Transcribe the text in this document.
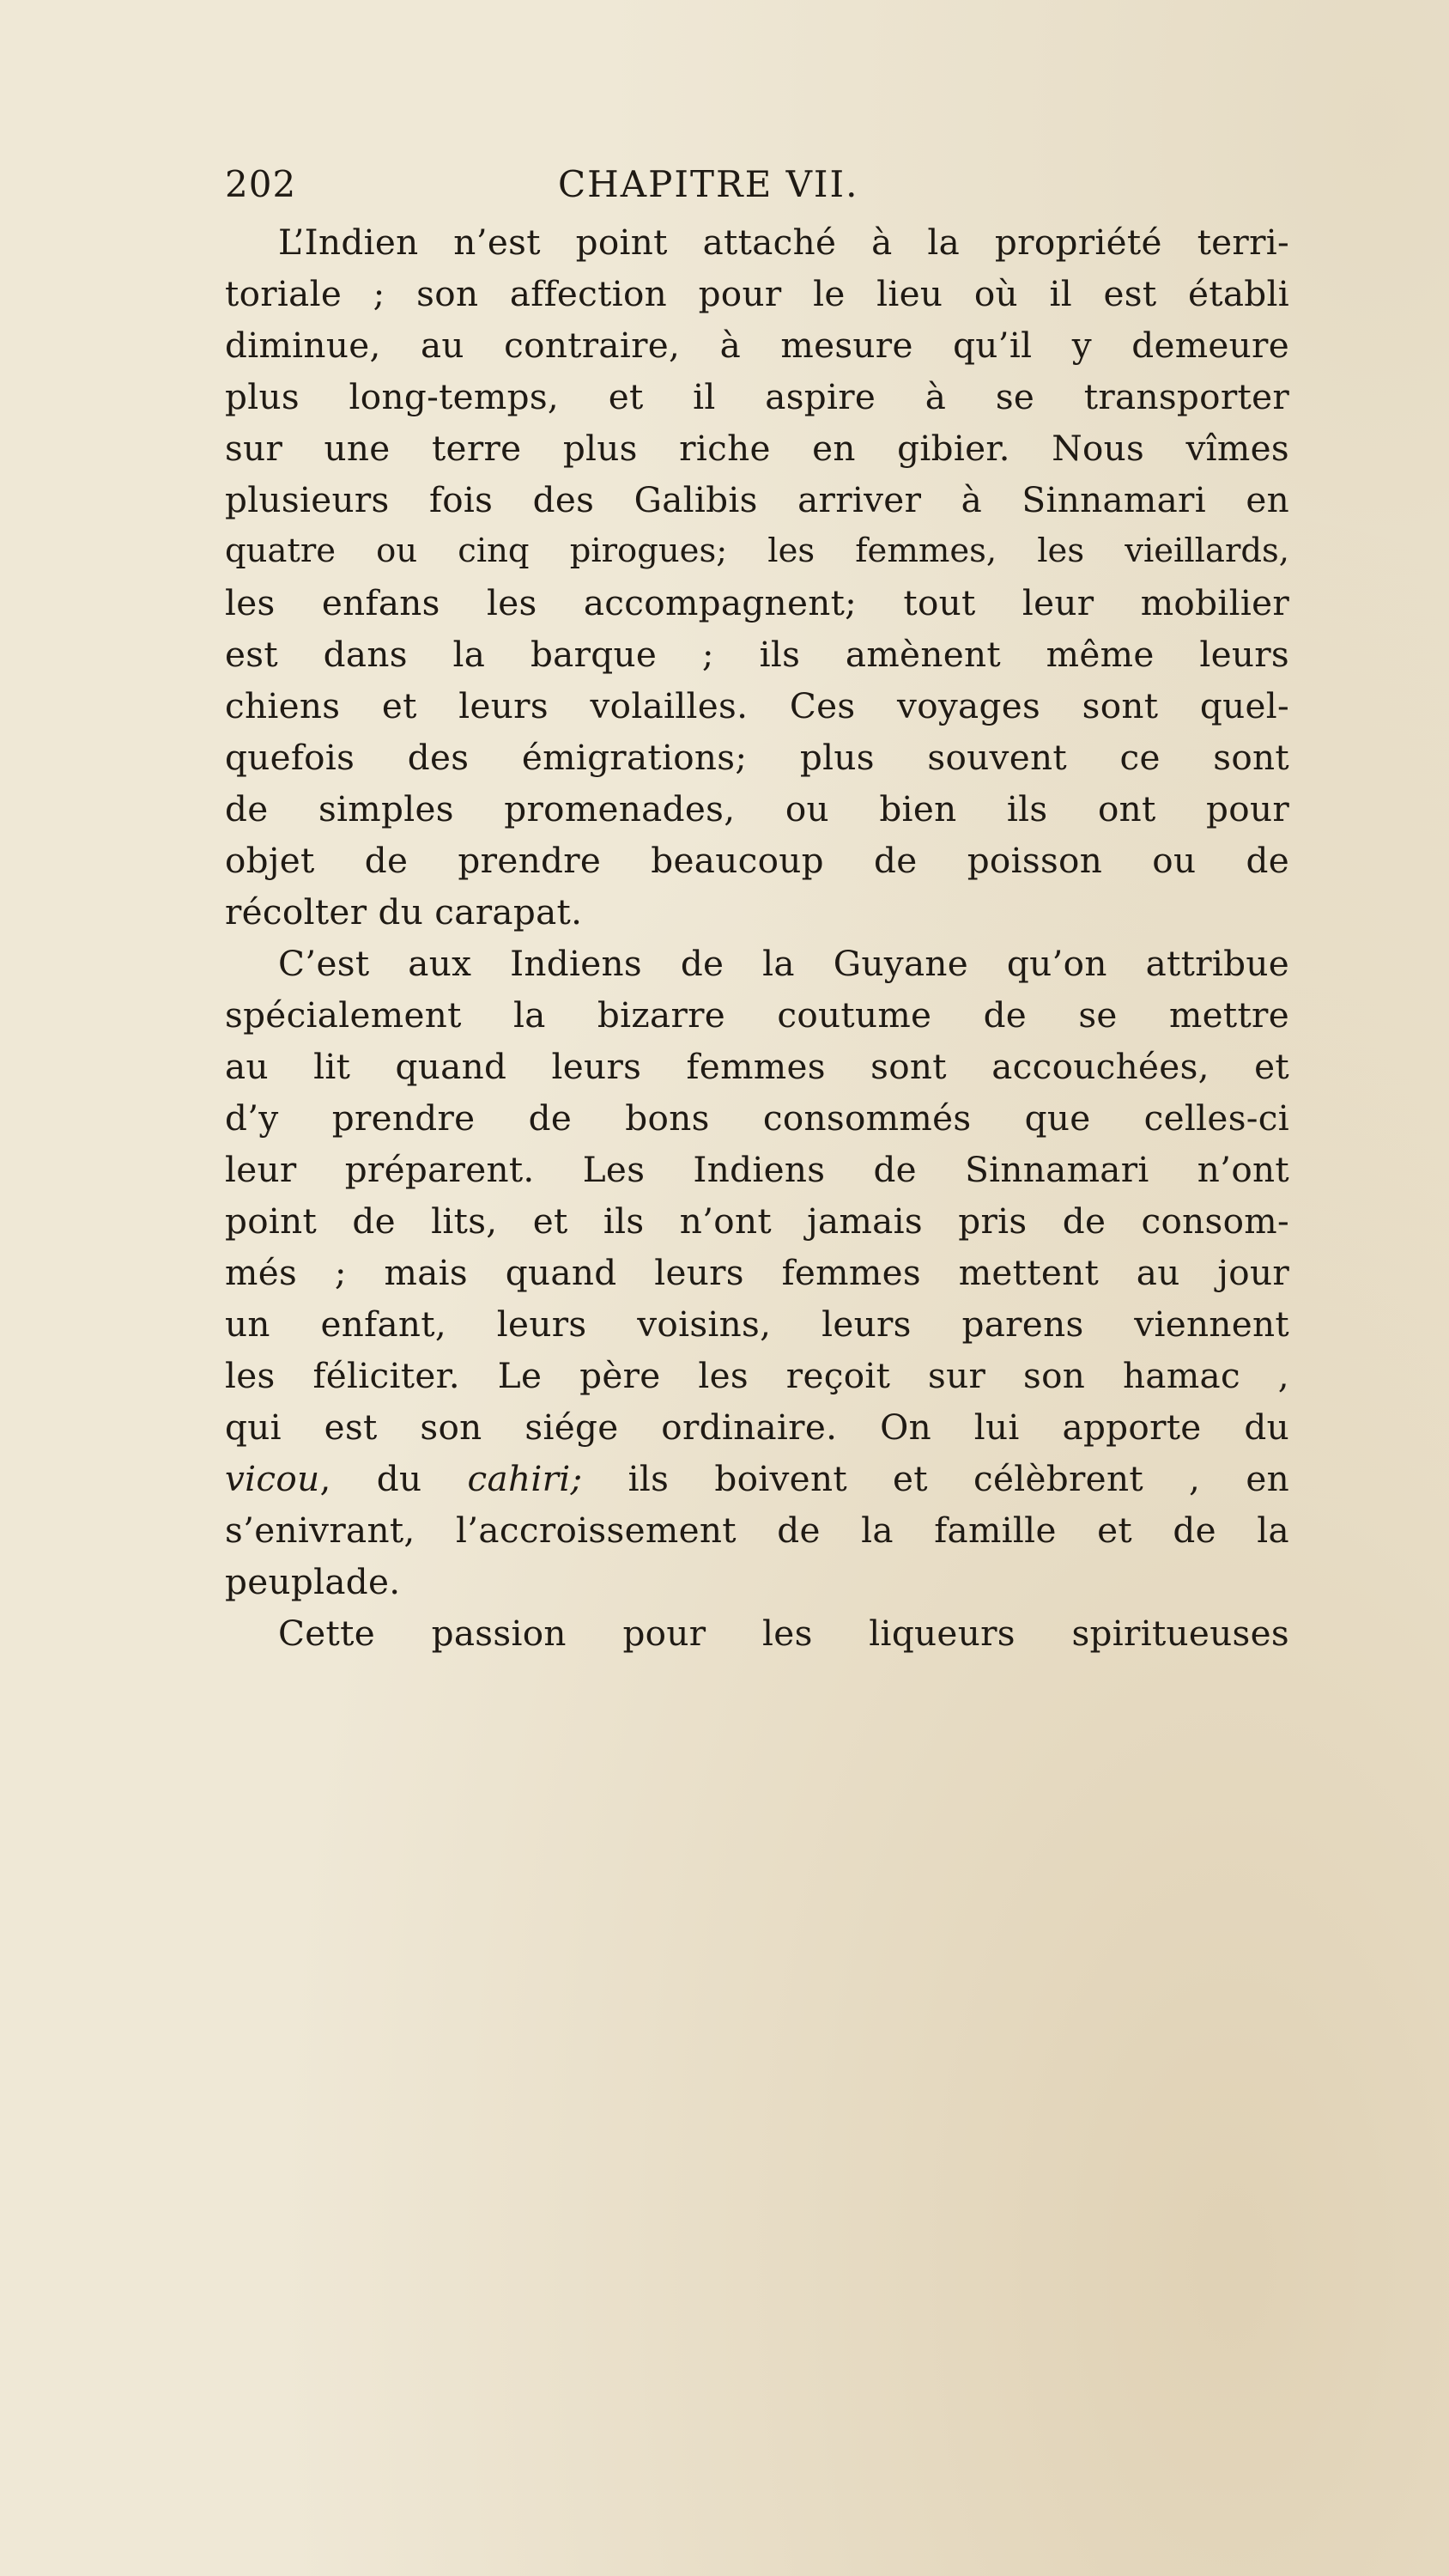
202	CHAPITRE VII.
L’Indien n’est point attaché à la propriété terri-
toriale ; son affection pour le lieu où il est établi
diminue, au contraire, à mesure qu’il y demeure
plus long-temps, et il aspire à se transporter
sur une terre plus riche en gibier. Nous vîmes
plusieurs fois des Galibis arriver à Sinnamari en
quatre ou cinq pirogues; les femmes, les vieillards,
les enfans les accompagnent; tout leur mobilier
est dans la barque ; ils amènent même leurs
chiens et leurs volailles. Ces voyages sont quel-
quefois des émigrations; plus souvent ce sont
de simples promenades, ou bien ils ont pour
objet de prendre beaucoup de poisson ou de
récolter du carapat.
C’est aux Indiens de la Guyane qu’on attribue
spécialement la bizarre coutume de se mettre
au lit quand leurs femmes sont accouchées, et
d’y prendre de bons consommés que celles-ci
leur préparent. Les Indiens de Sinnamari n’ont
point de lits, et ils n’ont jamais pris de consom-
més ; mais quand leurs femmes mettent au jour
un enfant, leurs voisins, leurs parens viennent
les féliciter. Le père les reçoit sur son hamac ,
qui est son siége ordinaire. On lui apporte du
vicou, du cahiri; ils boivent et célèbrent , en
s’enivrant, l’accroissement de la famille et de la
peuplade.
Cette passion pour les liqueurs spiritueuses
